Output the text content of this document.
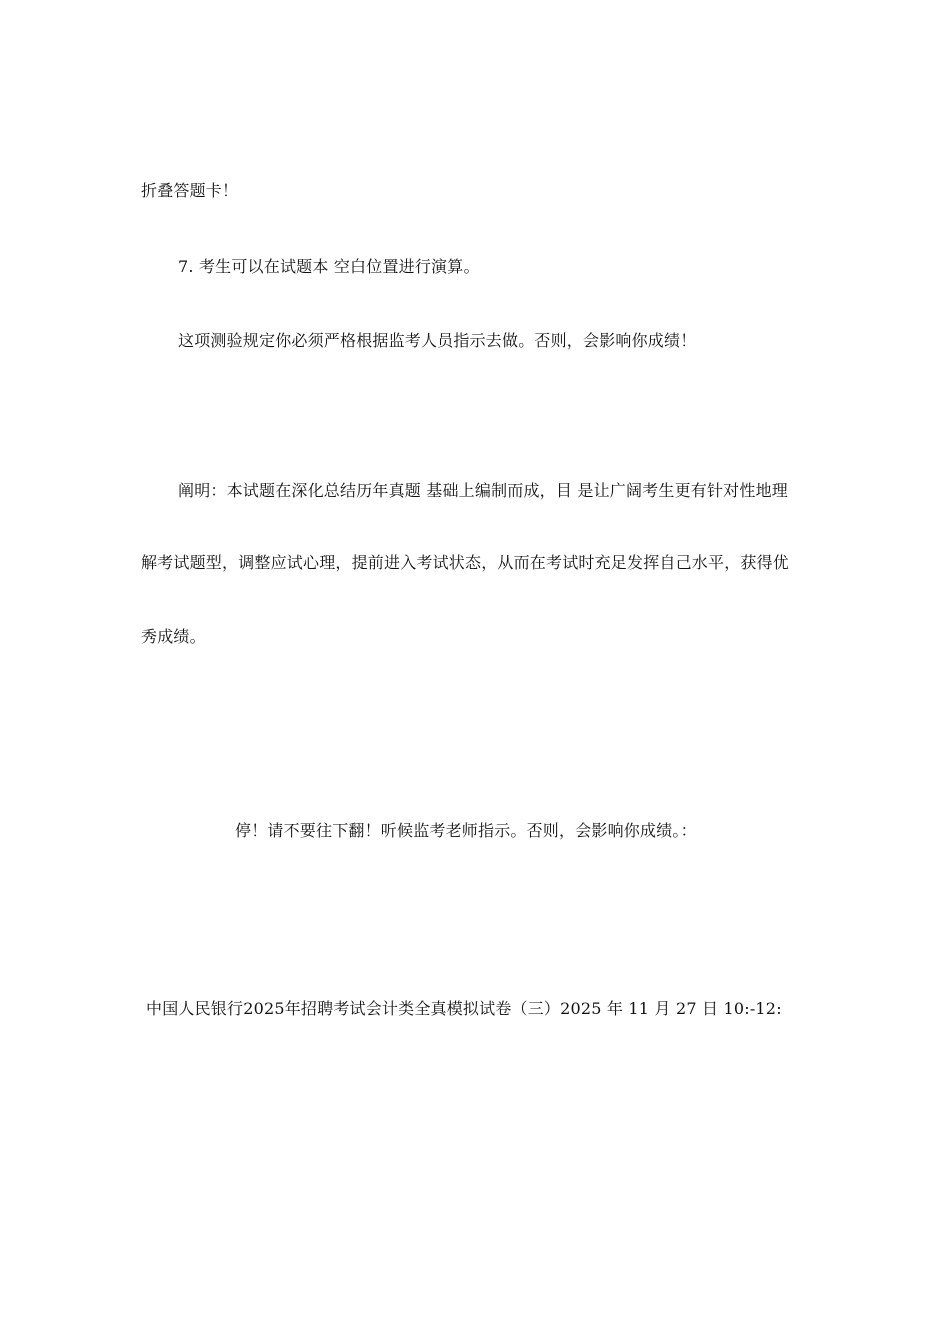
折叠答题卡！
7. 考生可以在试题本 空白位置进行演算。
这项测验规定你必须严格根据监考人员指示去做。否则，会影响你成绩！
阐明：本试题在深化总结历年真题 基础上编制而成，目 是让广阔考生更有针对性地理
解考试题型，调整应试心理，提前进入考试状态，从而在考试时充足发挥自己水平，获得优
秀成绩。
停！请不要往下翻！听候监考老师指示。否则，会影响你成绩。：
中国人民银行2025年招聘考试会计类全真模拟试卷（三）2025 年 11 月 27 日 10:-12:
